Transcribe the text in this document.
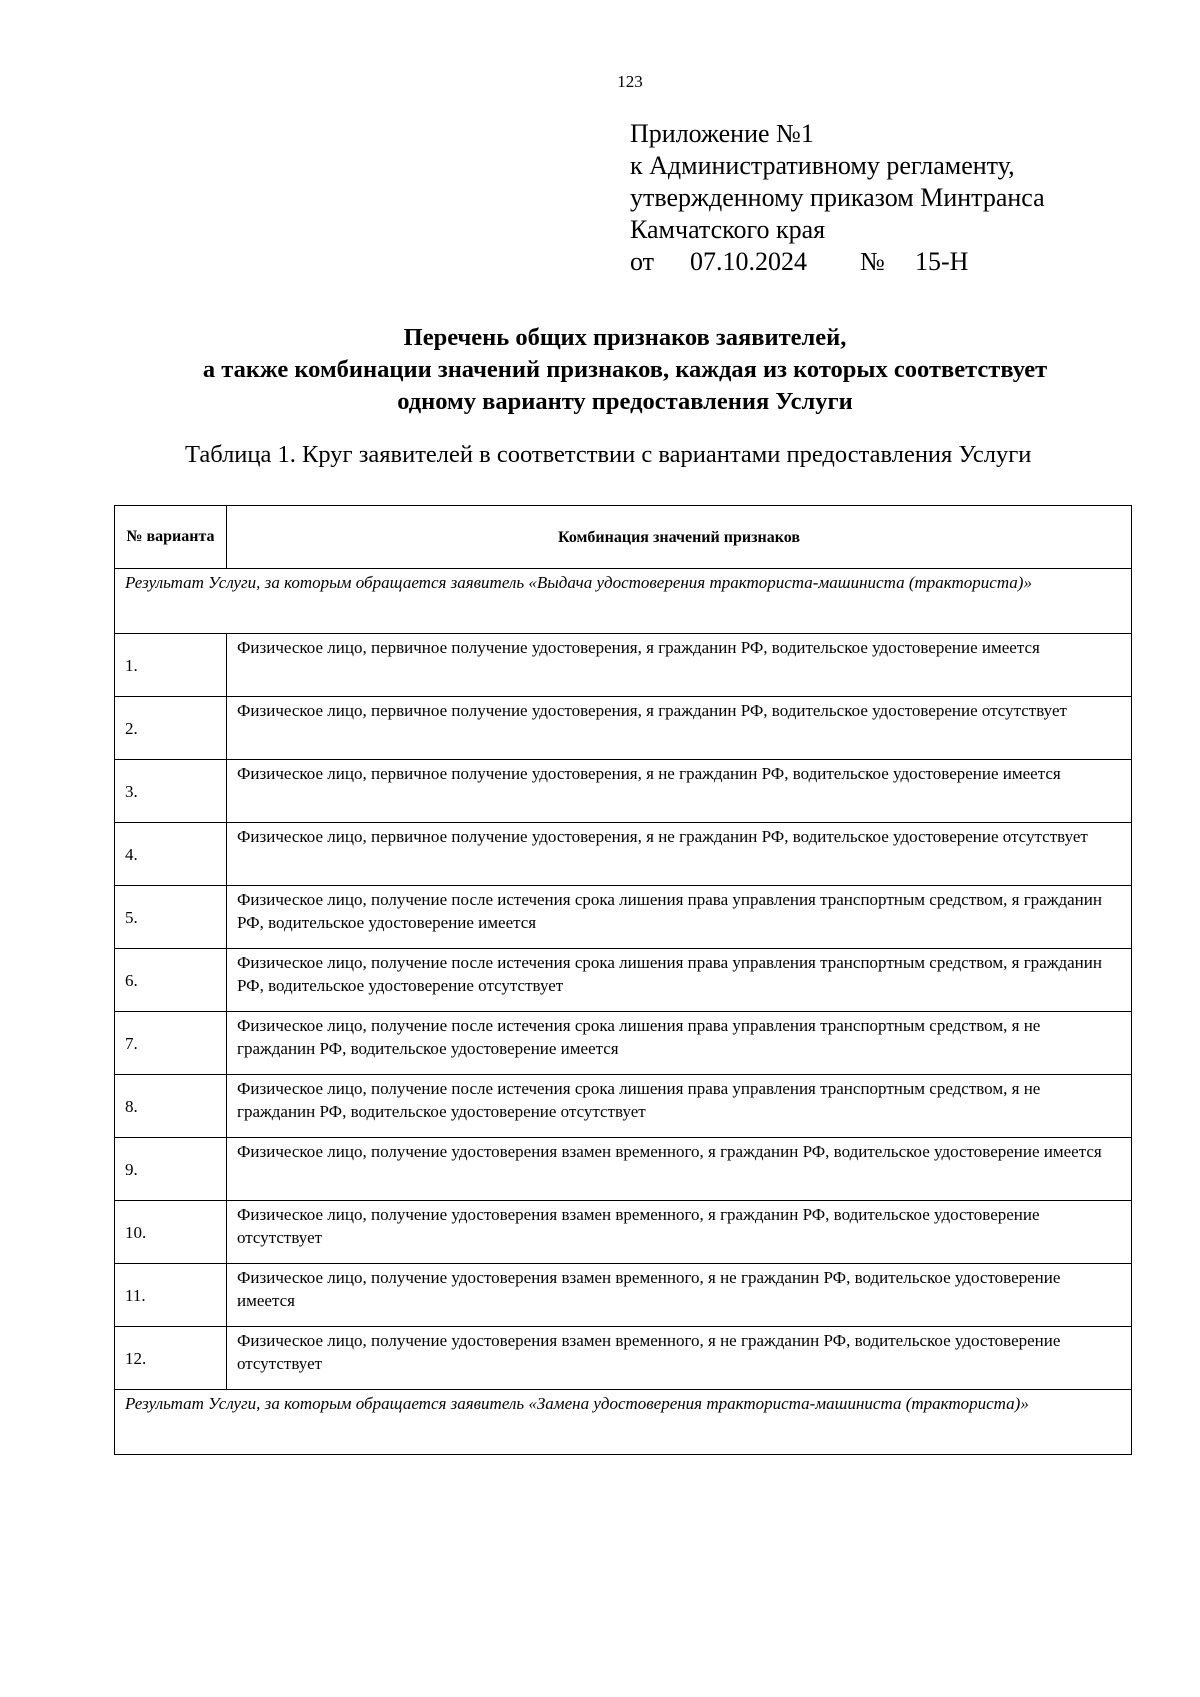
123
Приложение №1
к Административному регламенту,
утвержденному приказом Минтранса
Камчатского края
от 07.10.2024 № 15-Н
Перечень общих признаков заявителей,
а также комбинации значений признаков, каждая из которых соответствует
одному варианту предоставления Услуги
Таблица 1. Круг заявителей в соответствии с вариантами предоставления Услуги
№ варианта	Комбинация значений признаков
Результат Услуги, за которым обращается заявитель «Выдача удостоверения тракториста-машиниста (тракториста)»	
1.	Физическое лицо, первичное получение удостоверения, я гражданин РФ, водительское удостоверение имеется
2.	Физическое лицо, первичное получение удостоверения, я гражданин РФ, водительское удостоверение отсутствует
3.	Физическое лицо, первичное получение удостоверения, я не гражданин РФ, водительское удостоверение имеется
4.	Физическое лицо, первичное получение удостоверения, я не гражданин РФ, водительское удостоверение отсутствует
5.	Физическое лицо, получение после истечения срока лишения права управления транспортным средством, я гражданин РФ, водительское удостоверение имеется
6.	Физическое лицо, получение после истечения срока лишения права управления транспортным средством, я гражданин РФ, водительское удостоверение отсутствует
7.	Физическое лицо, получение после истечения срока лишения права управления транспортным средством, я не гражданин РФ, водительское удостоверение имеется
8.	Физическое лицо, получение после истечения срока лишения права управления транспортным средством, я не гражданин РФ, водительское удостоверение отсутствует
9.	Физическое лицо, получение удостоверения взамен временного, я гражданин РФ, водительское удостоверение имеется
10.	Физическое лицо, получение удостоверения взамен временного, я гражданин РФ, водительское удостоверение отсутствует
11.	Физическое лицо, получение удостоверения взамен временного, я не гражданин РФ, водительское удостоверение имеется
12.	Физическое лицо, получение удостоверения взамен временного, я не гражданин РФ, водительское удостоверение отсутствует
Результат Услуги, за которым обращается заявитель «Замена удостоверения тракториста-машиниста (тракториста)»	
